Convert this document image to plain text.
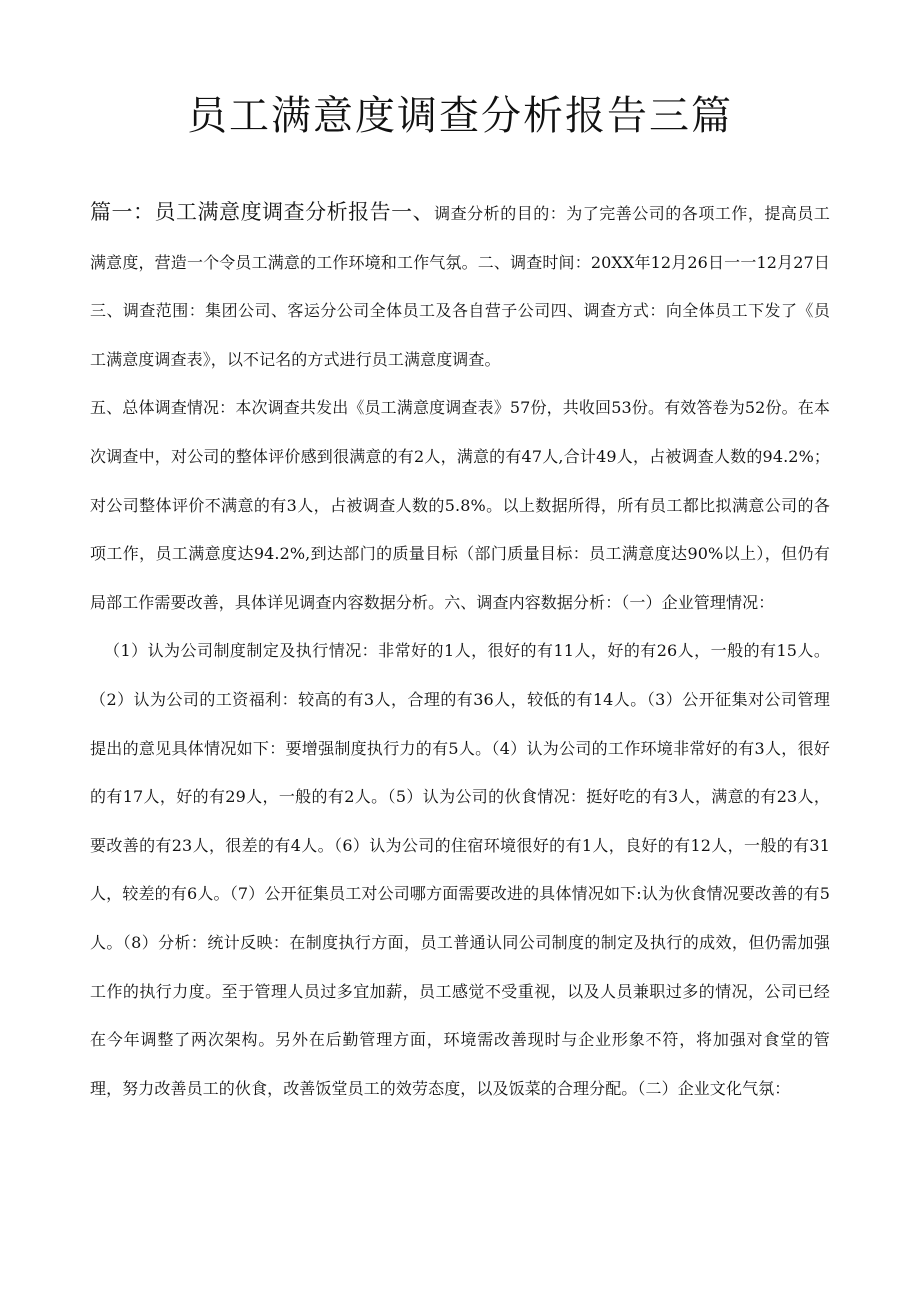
员工满意度调查分析报告三篇

篇一：员工满意度调查分析报告一、调查分析的目的：为了完善公司的各项工作，提高员工满意度，营造一个令员工满意的工作环境和工作气氛。二、调查时间：20XX年12月26日一一12月27日三、调查范围：集团公司、客运分公司全体员工及各自营子公司四、调查方式：向全体员工下发了《员工满意度调查表》，以不记名的方式进行员工满意度调查。

五、总体调查情况：本次调查共发出《员工满意度调查表》57份，共收回53份。有效答卷为52份。在本次调查中，对公司的整体评价感到很满意的有2人，满意的有47人,合计49人，占被调查人数的94.2%；对公司整体评价不满意的有3人，占被调查人数的5.8%。以上数据所得，所有员工都比拟满意公司的各项工作，员工满意度达94.2%,到达部门的质量目标（部门质量目标：员工满意度达90%以上），但仍有局部工作需要改善，具体详见调查内容数据分析。六、调查内容数据分析：（一）企业管理情况：

（1）认为公司制度制定及执行情况：非常好的1人，很好的有11人，好的有26人，一般的有15人。（2）认为公司的工资福利：较高的有3人，合理的有36人，较低的有14人。（3）公开征集对公司管理提出的意见具体情况如下：要增强制度执行力的有5人。（4）认为公司的工作环境非常好的有3人，很好的有17人，好的有29人，一般的有2人。（5）认为公司的伙食情况：挺好吃的有3人，满意的有23人，要改善的有23人，很差的有4人。（6）认为公司的住宿环境很好的有1人，良好的有12人，一般的有31人，较差的有6人。（7）公开征集员工对公司哪方面需要改进的具体情况如下:认为伙食情况要改善的有5人。（8）分析：统计反映：在制度执行方面，员工普通认同公司制度的制定及执行的成效，但仍需加强工作的执行力度。至于管理人员过多宜加薪，员工感觉不受重视，以及人员兼职过多的情况，公司已经在今年调整了两次架构。另外在后勤管理方面，环境需改善现时与企业形象不符，将加强对食堂的管理，努力改善员工的伙食，改善饭堂员工的效劳态度，以及饭菜的合理分配。（二）企业文化气氛：
